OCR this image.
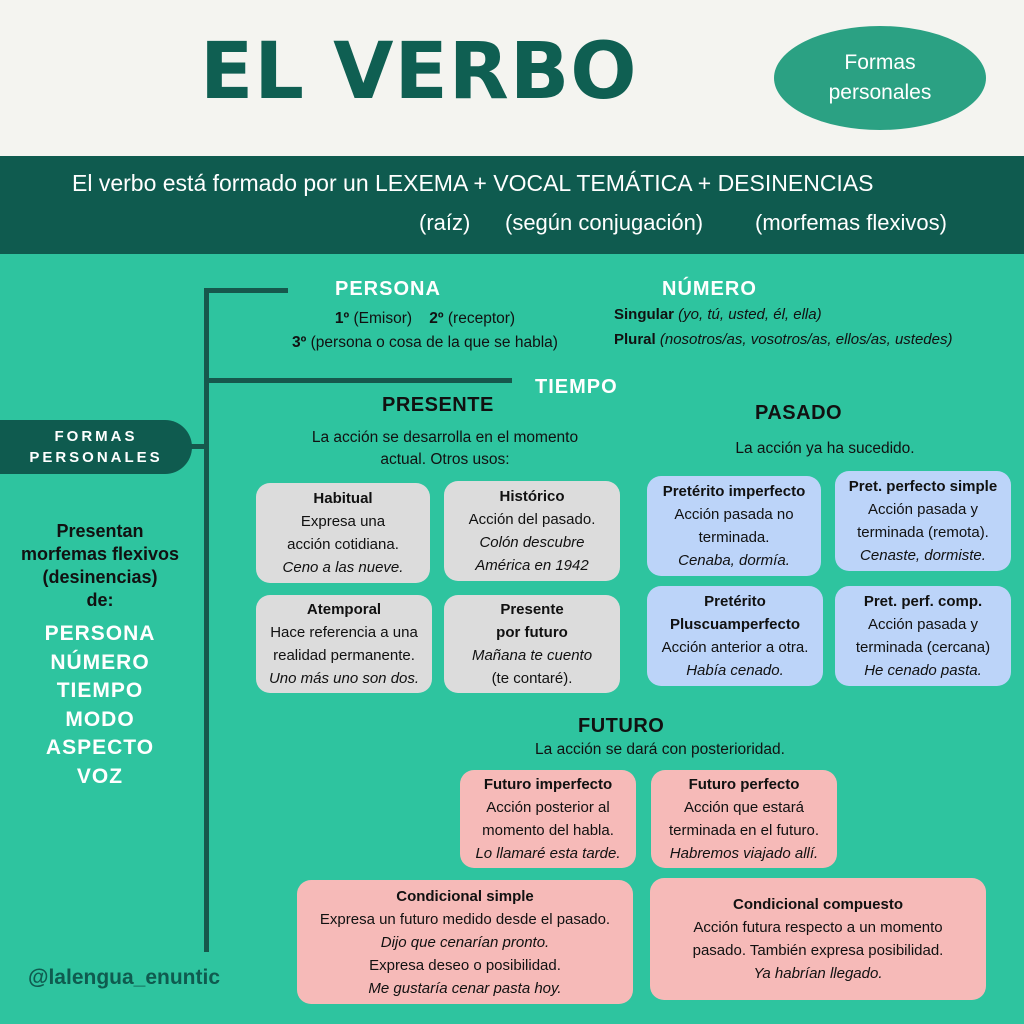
EL VERBO	Formas
personales
El verbo está formado por un LEXEMA + VOCAL TEMÁTICA + DESINENCIAS
(raíz) (según conjugación) (morfemas flexivos)
FORMAS
PERSONALES
Presentan
morfemas flexivos
(desinencias)
de:
PERSONA
NÚMERO
TIEMPO
MODO
ASPECTO
VOZ
PERSONA
1º (Emisor) 2º (receptor)
3º (persona o cosa de la que se habla)
NÚMERO
Singular (yo, tú, usted, él, ella)
Plural (nosotros/as, vosotros/as, ellos/as, ustedes)
TIEMPO
PRESENTE
La acción se desarrolla en el momento
actual. Otros usos:
Habitual
Expresa una
acción cotidiana.
Ceno a las nueve.
Histórico
Acción del pasado.
Colón descubre
América en 1942
Atemporal
Hace referencia a una
realidad permanente.
Uno más uno son dos.
Presente
por futuro
Mañana te cuento
(te contaré).
PASADO
La acción ya ha sucedido.
Pretérito imperfecto
Acción pasada no
terminada.
Cenaba, dormía.
Pret. perfecto simple
Acción pasada y
terminada (remota).
Cenaste, dormiste.
Pretérito
Pluscuamperfecto
Acción anterior a otra.
Había cenado.
Pret. perf. comp.
Acción pasada y
terminada (cercana)
He cenado pasta.
FUTURO
La acción se dará con posterioridad.
Futuro imperfecto
Acción posterior al
momento del habla.
Lo llamaré esta tarde.
Futuro perfecto
Acción que estará
terminada en el futuro.
Habremos viajado allí.
Condicional simple
Expresa un futuro medido desde el pasado.
Dijo que cenarían pronto.
Expresa deseo o posibilidad.
Me gustaría cenar pasta hoy.
Condicional compuesto
Acción futura respecto a un momento
pasado. También expresa posibilidad.
Ya habrían llegado.
@lalengua_enuntic
